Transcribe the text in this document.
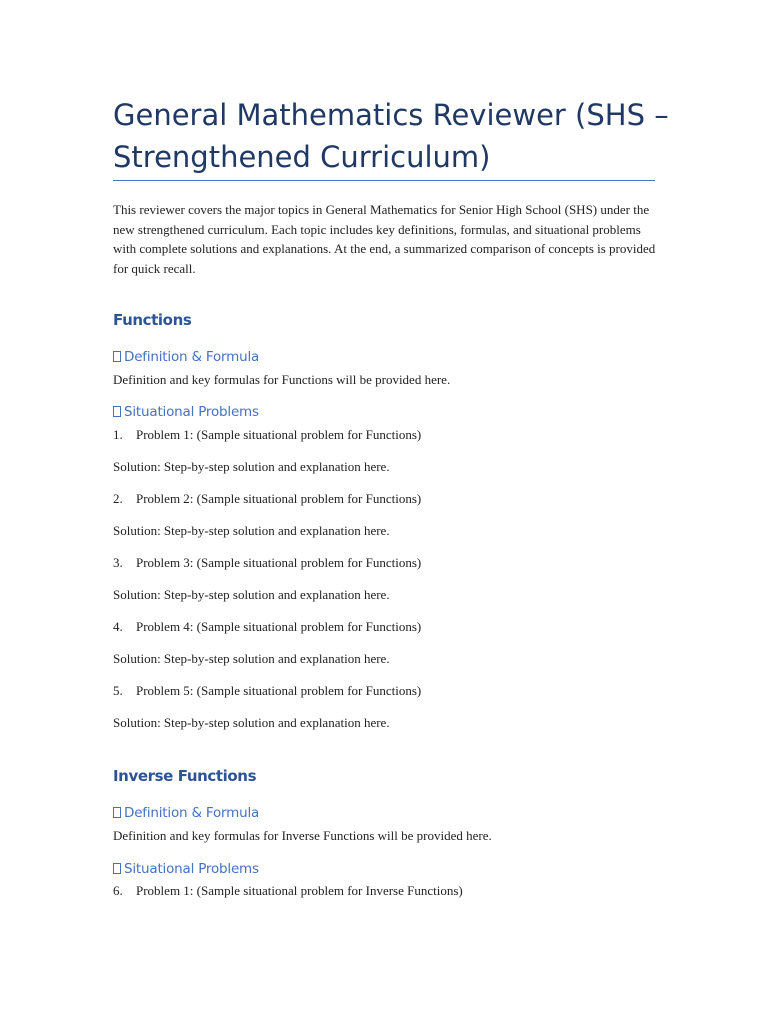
General Mathematics Reviewer (SHS – Strengthened Curriculum)

This reviewer covers the major topics in General Mathematics for Senior High School (SHS) under the new strengthened curriculum. Each topic includes key definitions, formulas, and situational problems with complete solutions and explanations. At the end, a summarized comparison of concepts is provided for quick recall.

Functions
Definition & Formula

Definition and key formulas for Functions will be provided here.

Situational Problems

1. Problem 1: (Sample situational problem for Functions)

Solution: Step-by-step solution and explanation here.

2. Problem 2: (Sample situational problem for Functions)

Solution: Step-by-step solution and explanation here.

3. Problem 3: (Sample situational problem for Functions)

Solution: Step-by-step solution and explanation here.

4. Problem 4: (Sample situational problem for Functions)

Solution: Step-by-step solution and explanation here.

5. Problem 5: (Sample situational problem for Functions)

Solution: Step-by-step solution and explanation here.

Inverse Functions
Definition & Formula

Definition and key formulas for Inverse Functions will be provided here.

Situational Problems

6. Problem 1: (Sample situational problem for Inverse Functions)
